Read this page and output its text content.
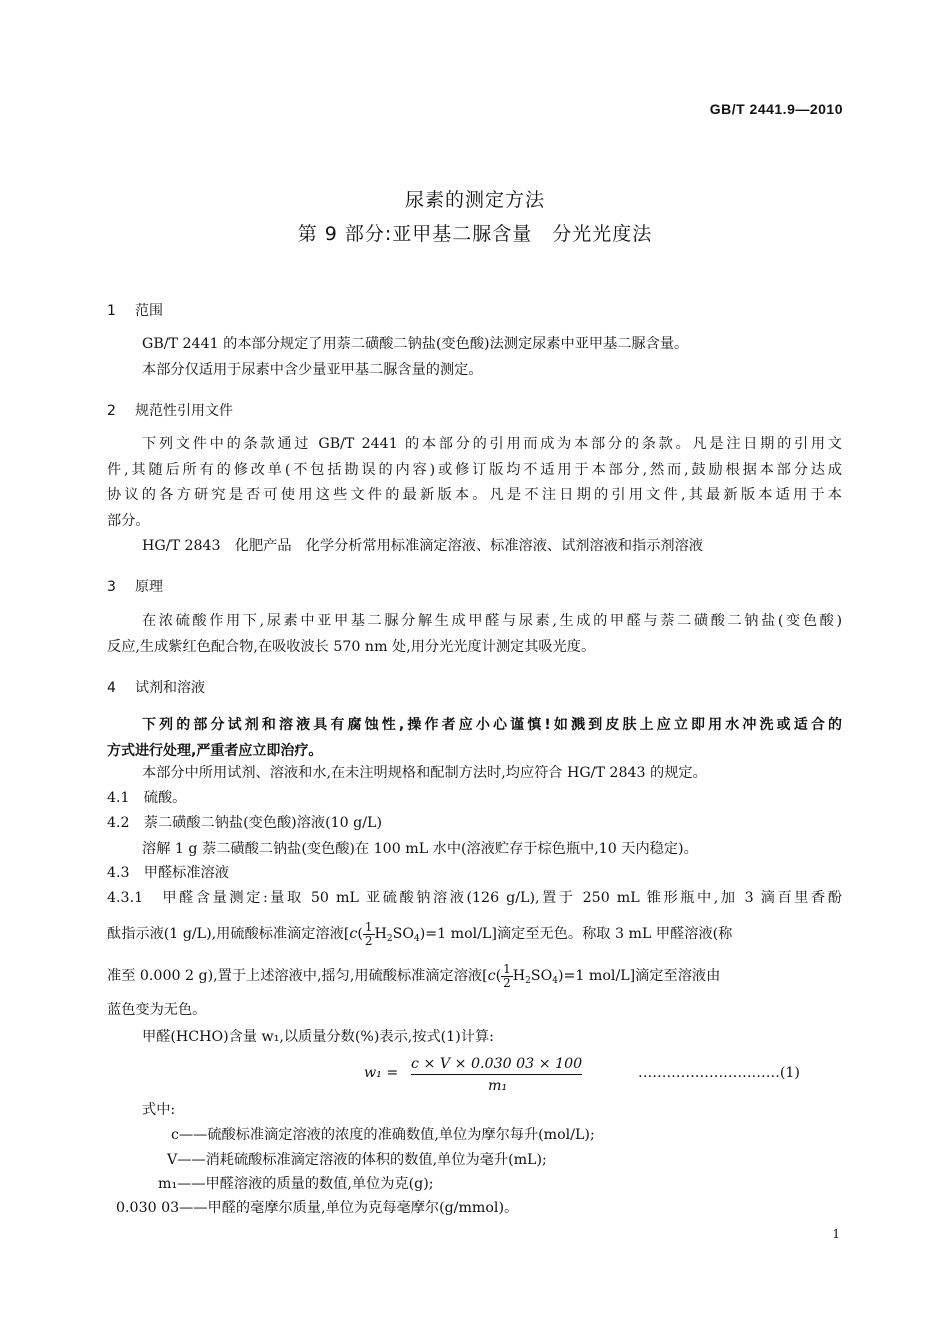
GB/T 2441.9—2010
尿素的测定方法
第 9 部分:亚甲基二脲含量　分光光度法
1 范围
GB/T 2441 的本部分规定了用萘二磺酸二钠盐(变色酸)法测定尿素中亚甲基二脲含量。
本部分仅适用于尿素中含少量亚甲基二脲含量的测定。
2 规范性引用文件
下列文件中的条款通过 GB/T 2441 的本部分的引用而成为本部分的条款。凡是注日期的引用文
件,其随后所有的修改单(不包括勘误的内容)或修订版均不适用于本部分,然而,鼓励根据本部分达成
协议的各方研究是否可使用这些文件的最新版本。凡是不注日期的引用文件,其最新版本适用于本
部分。
HG/T 2843　化肥产品　化学分析常用标准滴定溶液、标准溶液、试剂溶液和指示剂溶液
3 原理
在浓硫酸作用下,尿素中亚甲基二脲分解生成甲醛与尿素,生成的甲醛与萘二磺酸二钠盐(变色酸)
反应,生成紫红色配合物,在吸收波长 570 nm 处,用分光光度计测定其吸光度。
4 试剂和溶液
下列的部分试剂和溶液具有腐蚀性,操作者应小心谨慎!如溅到皮肤上应立即用水冲洗或适合的
方式进行处理,严重者应立即治疗。
本部分中所用试剂、溶液和水,在未注明规格和配制方法时,均应符合 HG/T 2843 的规定。
4.1　硫酸。
4.2　萘二磺酸二钠盐(变色酸)溶液(10 g/L)
溶解 1 g 萘二磺酸二钠盐(变色酸)在 100 mL 水中(溶液贮存于棕色瓶中,10 天内稳定)。
4.3　甲醛标准溶液
4.3.1　甲醛含量测定:量取 50 mL 亚硫酸钠溶液(126 g/L),置于 250 mL 锥形瓶中,加 3 滴百里香酚
酞指示液(1 g/L),用硫酸标准滴定溶液[$c( \frac{1}{2} H_2SO_4)=1$ mol/L]滴定至无色。称取 3 mL 甲醛溶液(称
准至 0.000 2 g),置于上述溶液中,摇匀,用硫酸标准滴定溶液[$c( \frac{1}{2} H_2SO_4)=1$ mol/L]滴定至溶液由
蓝色变为无色。
甲醛(HCHO)含量 w₁,以质量分数(%)表示,按式(1)计算:
w₁ =
c × V × 0.030 03 × 100
m₁
…………………………(1)
式中:
c——硫酸标准滴定溶液的浓度的准确数值,单位为摩尔每升(mol/L);
V——消耗硫酸标准滴定溶液的体积的数值,单位为毫升(mL);
m₁——甲醛溶液的质量的数值,单位为克(g);
0.030 03——甲醛的毫摩尔质量,单位为克每毫摩尔(g/mmol)。
1
